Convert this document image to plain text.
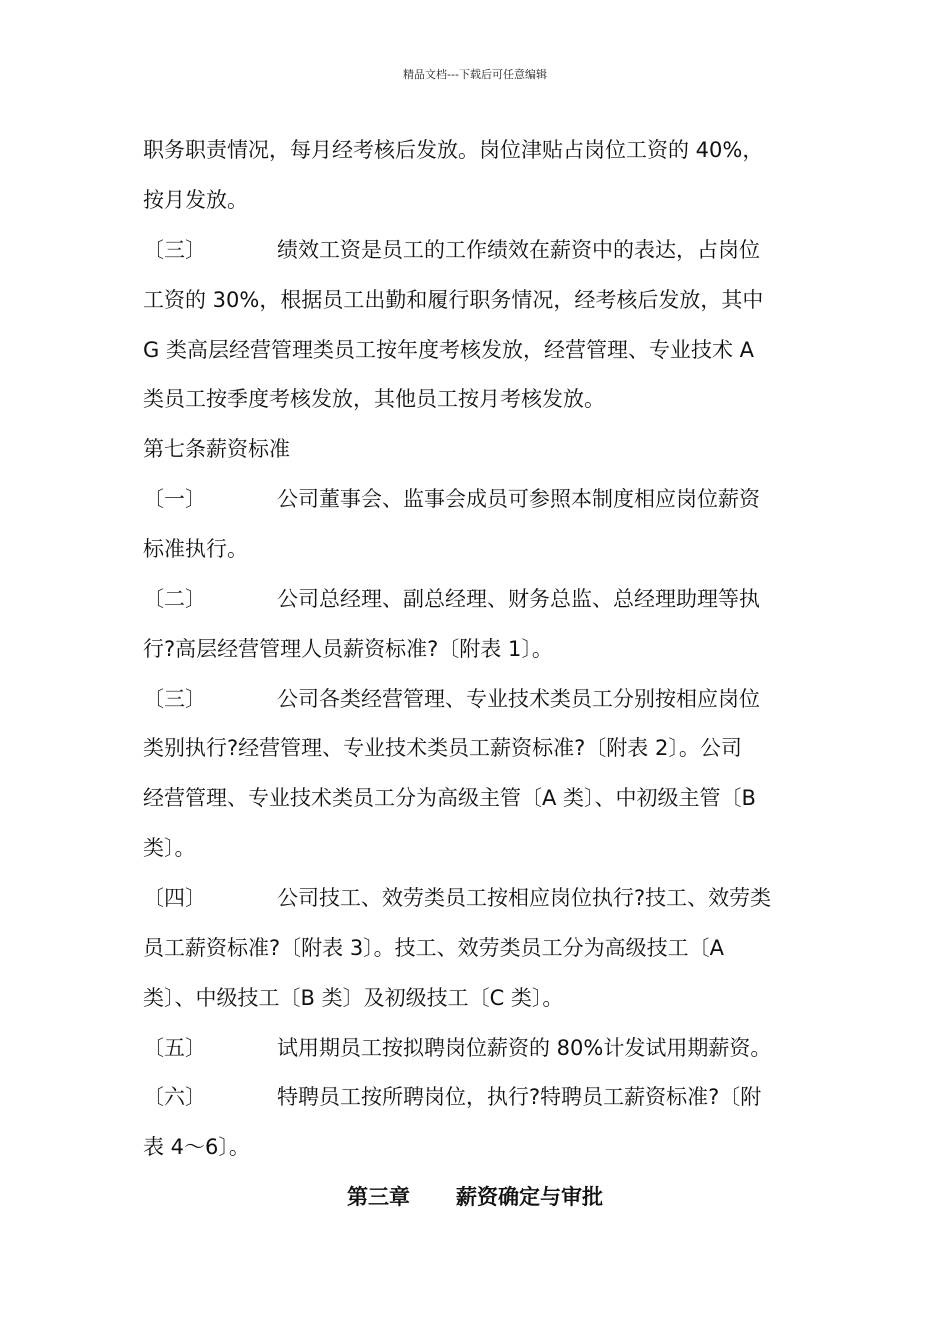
精品文档---下载后可任意编辑
职务职责情况，每月经考核后发放。岗位津贴占岗位工资的 40%，
按月发放。
〔三〕	绩效工资是员工的工作绩效在薪资中的表达，占岗位
工资的 30%，根据员工出勤和履行职务情况，经考核后发放，其中
G 类高层经营管理类员工按年度考核发放，经营管理、专业技术 A
类员工按季度考核发放，其他员工按月考核发放。
第七条薪资标准
〔一〕	公司董事会、监事会成员可参照本制度相应岗位薪资
标准执行。
〔二〕	公司总经理、副总经理、财务总监、总经理助理等执
行?高层经营管理人员薪资标准?〔附表 1〕。
〔三〕	公司各类经营管理、专业技术类员工分别按相应岗位
类别执行?经营管理、专业技术类员工薪资标准?〔附表 2〕。公司
经营管理、专业技术类员工分为高级主管〔A 类〕、中初级主管〔B
类〕。
〔四〕	公司技工、效劳类员工按相应岗位执行?技工、效劳类
员工薪资标准?〔附表 3〕。技工、效劳类员工分为高级技工〔A
类〕、中级技工〔B 类〕及初级技工〔C 类〕。
〔五〕	试用期员工按拟聘岗位薪资的 80%计发试用期薪资。
〔六〕	特聘员工按所聘岗位，执行?特聘员工薪资标准?〔附
表 4～6〕。
第三章 薪资确定与审批
